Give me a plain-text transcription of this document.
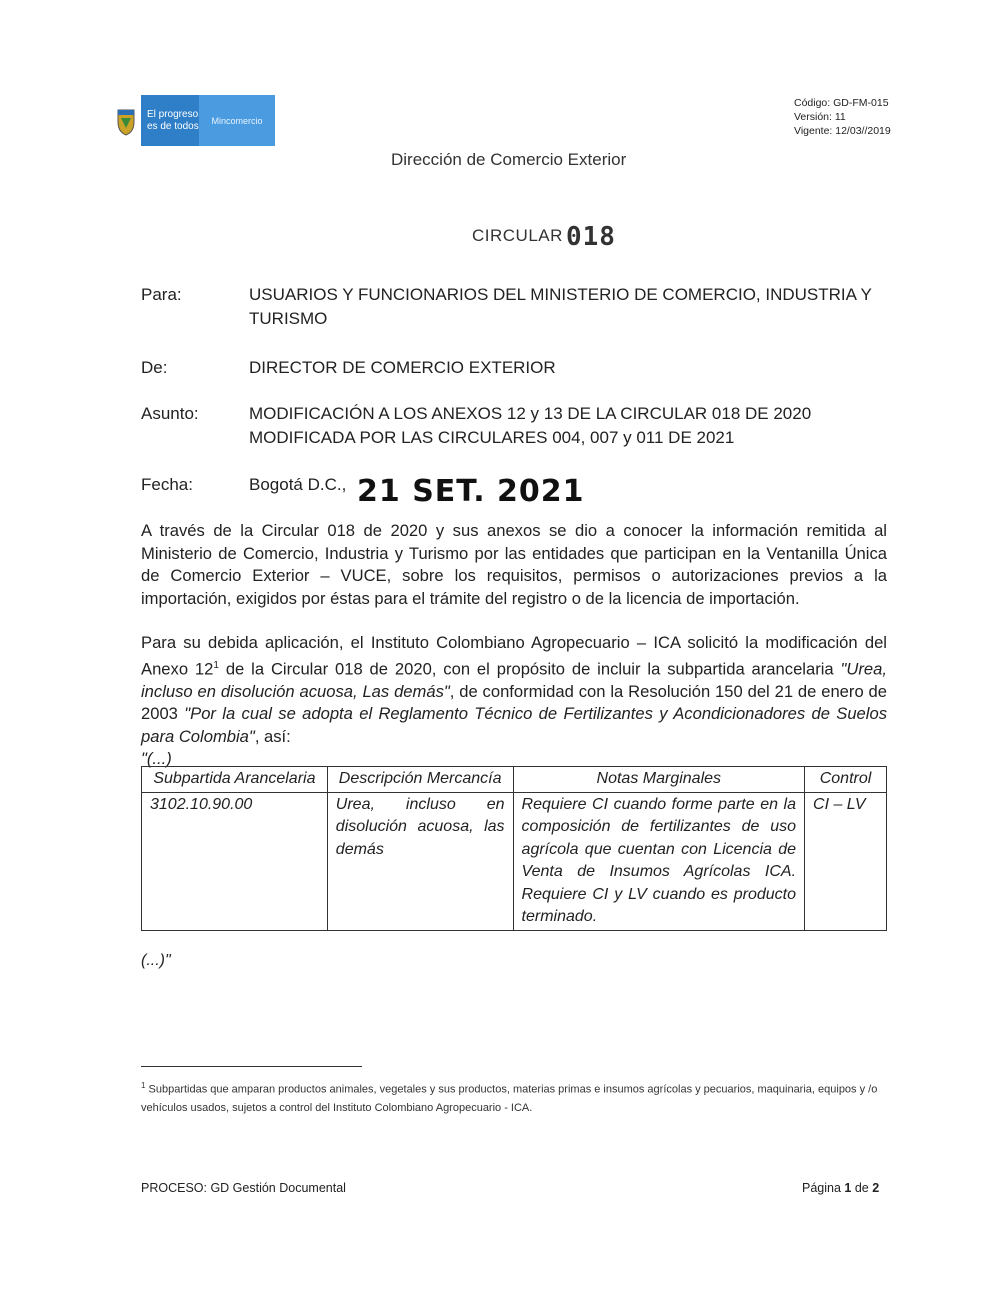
El progreso
es de todos	Mincomercio
Código: GD-FM-015
Versión: 11
Vigente: 12/03//2019
Dirección de Comercio Exterior
CIRCULAR 018
Para:	USUARIOS Y FUNCIONARIOS DEL MINISTERIO DE COMERCIO, INDUSTRIA Y TURISMO
De:	DIRECTOR DE COMERCIO EXTERIOR
Asunto:	MODIFICACIÓN A LOS ANEXOS 12 y 13 DE LA CIRCULAR 018 DE 2020 MODIFICADA POR LAS CIRCULARES 004, 007 y 011 DE 2021
Fecha:	Bogotá D.C., 21 SET. 2021
A través de la Circular 018 de 2020 y sus anexos se dio a conocer la información remitida al Ministerio de Comercio, Industria y Turismo por las entidades que participan en la Ventanilla Única de Comercio Exterior – VUCE, sobre los requisitos, permisos o autorizaciones previos a la importación, exigidos por éstas para el trámite del registro o de la licencia de importación.
Para su debida aplicación, el Instituto Colombiano Agropecuario – ICA solicitó la modificación del Anexo $12^1$ de la Circular 018 de 2020, con el propósito de incluir la subpartida arancelaria "Urea, incluso en disolución acuosa, Las demás", de conformidad con la Resolución 150 del 21 de enero de 2003 "Por la cual se adopta el Reglamento Técnico de Fertilizantes y Acondicionadores de Suelos para Colombia", así:
"(...)
Subpartida Arancelaria	Descripción Mercancía	Notas Marginales	Control
3102.10.90.00	Urea, incluso en disolución acuosa, las demás	Requiere CI cuando forme parte en la composición de fertilizantes de uso agrícola que cuentan con Licencia de Venta de Insumos Agrícolas ICA. Requiere CI y LV cuando es producto terminado.	CI – LV
(...)"
$^1$ Subpartidas que amparan productos animales, vegetales y sus productos, materias primas e insumos agrícolas y pecuarios, maquinaria, equipos y /o vehículos usados, sujetos a control del Instituto Colombiano Agropecuario - ICA.
PROCESO: GD Gestión Documental	Página 1 de 2
